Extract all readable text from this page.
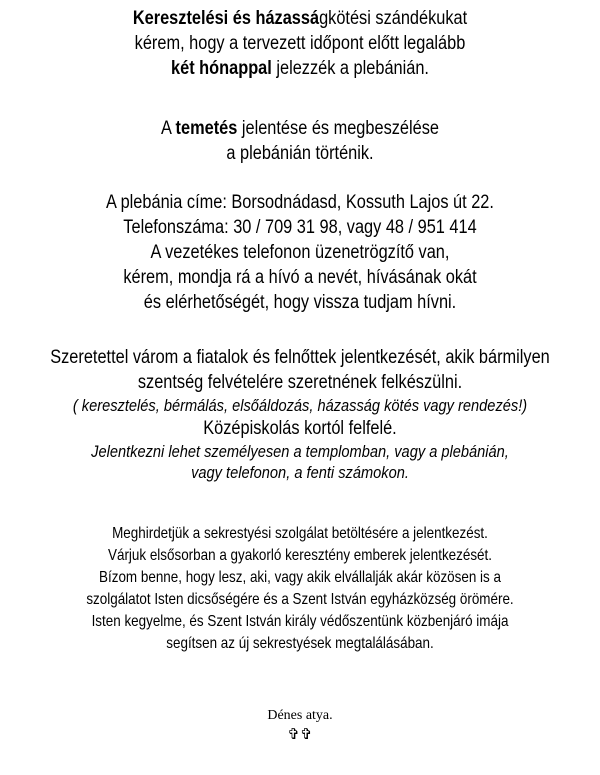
Keresztelési és házasságkötési szándékukat
kérem, hogy a tervezett időpont előtt legalább
két hónappal jelezzék a plebánián.
A temetés jelentése és megbeszélése
a plebánián történik.
A plebánia címe: Borsodnádasd, Kossuth Lajos út 22.
Telefonszáma: 30 / 709 31 98, vagy 48 / 951 414
A vezetékes telefonon üzenetrögzítő van,
kérem, mondja rá a hívó a nevét, hívásának okát
és elérhetőségét, hogy vissza tudjam hívni.
Szeretettel várom a fiatalok és felnőttek jelentkezését, akik bármilyen
szentség felvételére szeretnének felkészülni.
( keresztelés, bérmálás, elsőáldozás, házasság kötés vagy rendezés!)
Középiskolás kortól felfelé.
Jelentkezni lehet személyesen a templomban, vagy a plebánián,
vagy telefonon, a fenti számokon.
Meghirdetjük a sekrestyési szolgálat betöltésére a jelentkezést.
Várjuk elsősorban a gyakorló keresztény emberek jelentkezését.
Bízom benne, hogy lesz, aki, vagy akik elvállalják akár közösen is a
szolgálatot Isten dicsőségére és a Szent István egyházközség örömére.
Isten kegyelme, és Szent István király védőszentünk közbenjáró imája
segítsen az új sekrestyések megtalálásában.
Dénes atya.
✞✞
